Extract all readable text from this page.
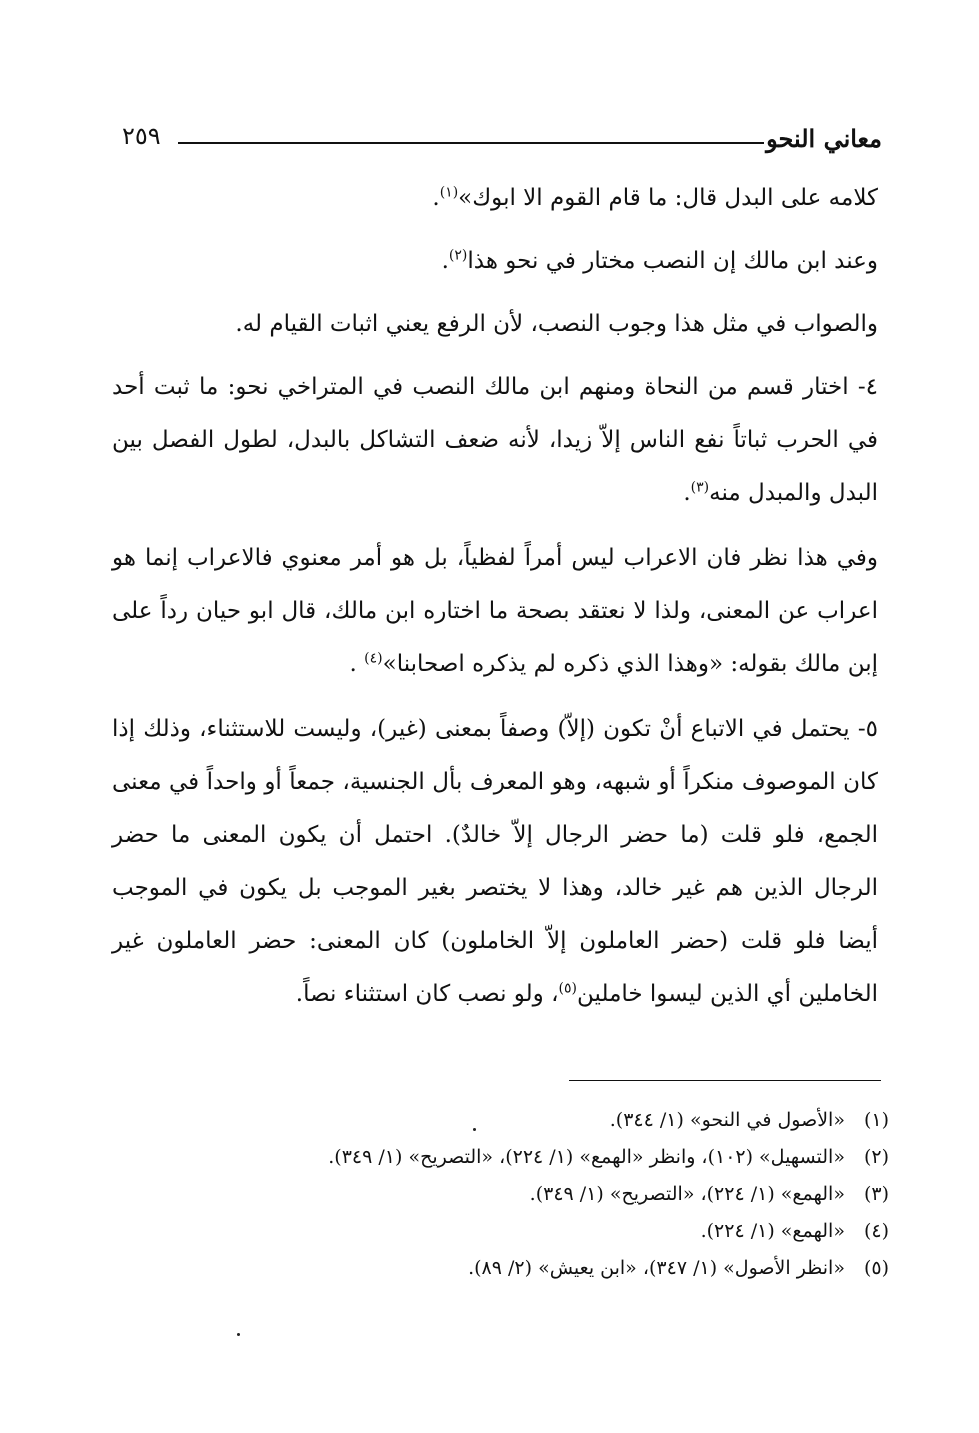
معاني النحو
٢٥٩

كلامه على البدل قال: ما قام القوم الا ابوك»$^{(١)}$.

وعند ابن مالك إن النصب مختار في نحو هذا$^{(٢)}$.

والصواب في مثل هذا وجوب النصب، لأن الرفع يعني اثبات القيام له.

٤- اختار قسم من النحاة ومنهم ابن مالك النصب في المتراخي نحو: ما ثبت أحد في الحرب ثباتاً نفع الناس إلاّ زيدا، لأنه ضعف التشاكل بالبدل، لطول الفصل بين البدل والمبدل منه$^{(٣)}$.

وفي هذا نظر فان الاعراب ليس أمراً لفظياً، بل هو أمر معنوي فالاعراب إنما هو اعراب عن المعنى، ولذا لا نعتقد بصحة ما اختاره ابن مالك، قال ابو حيان رداً على إبن مالك بقوله: «وهذا الذي ذكره لم يذكره اصحابنا»$^{(٤)}$ .

٥- يحتمل في الاتباع أنْ تكون (إلاّ) وصفاً بمعنى (غير)، وليست للاستثناء، وذلك إذا كان الموصوف منكراً أو شبهه، وهو المعرف بأل الجنسية، جمعاً أو واحداً في معنى الجمع، فلو قلت (ما حضر الرجال إلاّ خالدٌ). احتمل أن يكون المعنى ما حضر الرجال الذين هم غير خالد، وهذا لا يختصر بغير الموجب بل يكون في الموجب أيضا فلو قلت (حضر العاملون إلاّ الخاملون) كان المعنى: حضر العاملون غير الخاملين أي الذين ليسوا خاملين$^{(٥)}$، ولو نصب كان استثناء نصاً.

(١) «الأصول في النحو» (١/ ٣٤٤).
(٢) «التسهيل» (١٠٢)، وانظر «الهمع» (١/ ٢٢٤)، «التصريح» (١/ ٣٤٩).
(٣) «الهمع» (١/ ٢٢٤)، «التصريح» (١/ ٣٤٩).
(٤) «الهمع» (١/ ٢٢٤).
(٥) «انظر الأصول» (١/ ٣٤٧)، «ابن يعيش» (٢/ ٨٩).
